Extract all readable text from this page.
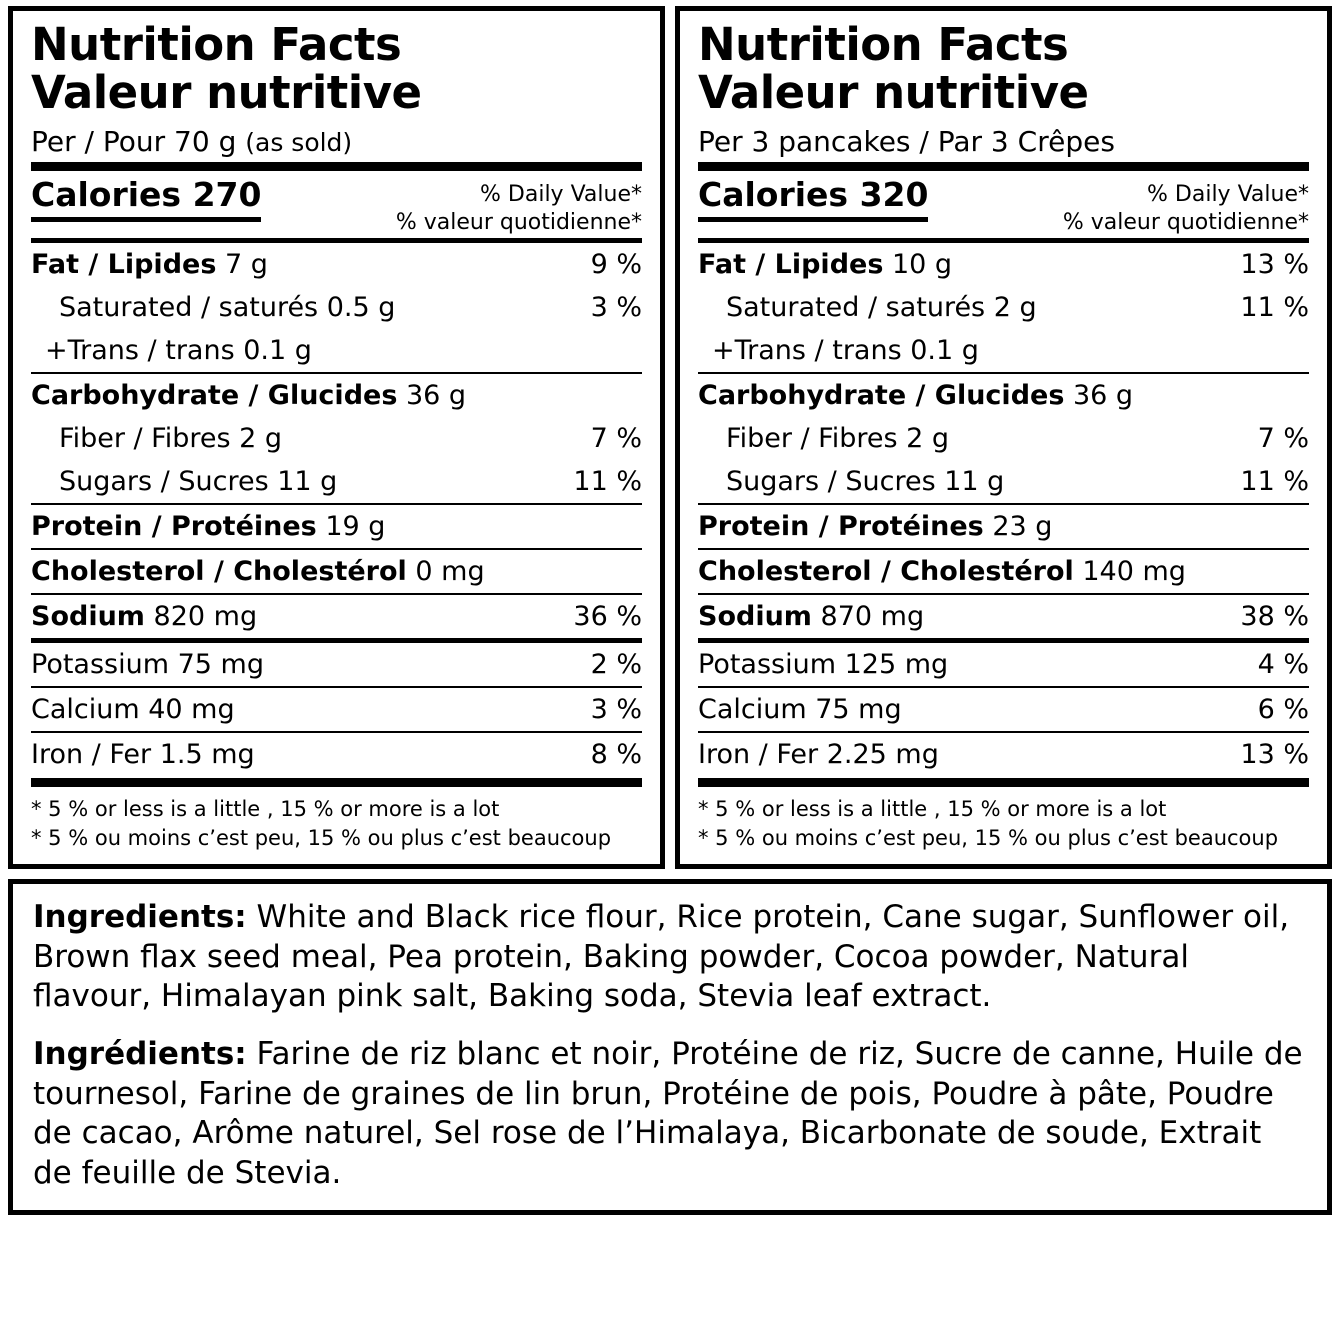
Nutrition Facts
Valeur nutritive
Per / Pour 70 g (as sold)
Calories 270	% Daily Value*
% valeur quotidienne*
Fat / Lipides 7 g	9 %
Saturated / saturés 0.5 g	3 %
+Trans / trans 0.1 g	
Carbohydrate / Glucides 36 g	
Fiber / Fibres 2 g	7 %
Sugars / Sucres 11 g	11 %
Protein / Protéines 19 g	
Cholesterol / Cholestérol 0 mg	
Sodium 820 mg	36 %
Potassium 75 mg	2 %
Calcium 40 mg	3 %
Iron / Fer 1.5 mg	8 %
* 5 % or less is a little , 15 % or more is a lot
* 5 % ou moins c’est peu, 15 % ou plus c’est beaucoup
Nutrition Facts
Valeur nutritive
Per 3 pancakes / Par 3 Crêpes
Calories 320	% Daily Value*
% valeur quotidienne*
Fat / Lipides 10 g	13 %
Saturated / saturés 2 g	11 %
+Trans / trans 0.1 g	
Carbohydrate / Glucides 36 g	
Fiber / Fibres 2 g	7 %
Sugars / Sucres 11 g	11 %
Protein / Protéines 23 g	
Cholesterol / Cholestérol 140 mg	
Sodium 870 mg	38 %
Potassium 125 mg	4 %
Calcium 75 mg	6 %
Iron / Fer 2.25 mg	13 %
* 5 % or less is a little , 15 % or more is a lot
* 5 % ou moins c’est peu, 15 % ou plus c’est beaucoup

Ingredients: White and Black rice flour, Rice protein, Cane sugar, Sunflower oil, Brown flax seed meal, Pea protein, Baking powder, Cocoa powder, Natural flavour, Himalayan pink salt, Baking soda, Stevia leaf extract.

Ingrédients: Farine de riz blanc et noir, Protéine de riz, Sucre de canne, Huile de tournesol, Farine de graines de lin brun, Protéine de pois, Poudre à pâte, Poudre de cacao, Arôme naturel, Sel rose de l’Himalaya, Bicarbonate de soude, Extrait de feuille de Stevia.
